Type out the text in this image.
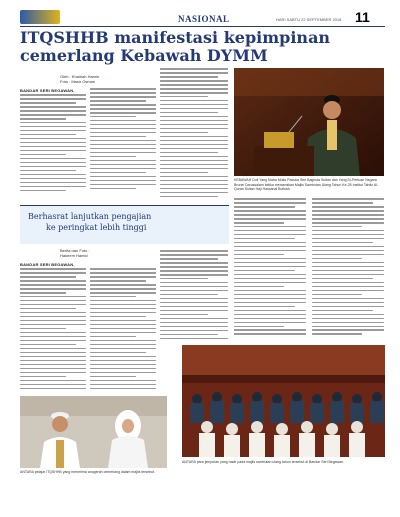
NASIONAL	HARI SABTU 22 SEPTEMBER 2018 11
ITQSHHB manifestasi kepimpinan
cemerlang Kebawah DYMM
Oleh : Khairiah Hamin
Foto : Masir Osman
BANDAR SERI BEGAWAN,
KEBAWAH Duli Yang Maha Mulia Paduka Seri Baginda Sultan dan Yang Di-Pertuan Negara Brunei Darussalam ketika merasmikan Majlis Sambutan Ulang Tahun Ke-25 Institut Tahfiz Al-Quran Sultan Haji Hassanal Bolkiah.
Berhasrat lanjutkan pengajian
ke peringkat lebih tinggi
Berita dan Foto :
Hakeem Hamid
BANDAR SERI BEGAWAN,
ANTARA pelajar ITQSHHB yang menerima anugerah cemerlang dalam majlis tersebut.
ANTARA para jemputan yang hadir pada majlis sambutan ulang tahun tersebut di Bandar Seri Begawan.
